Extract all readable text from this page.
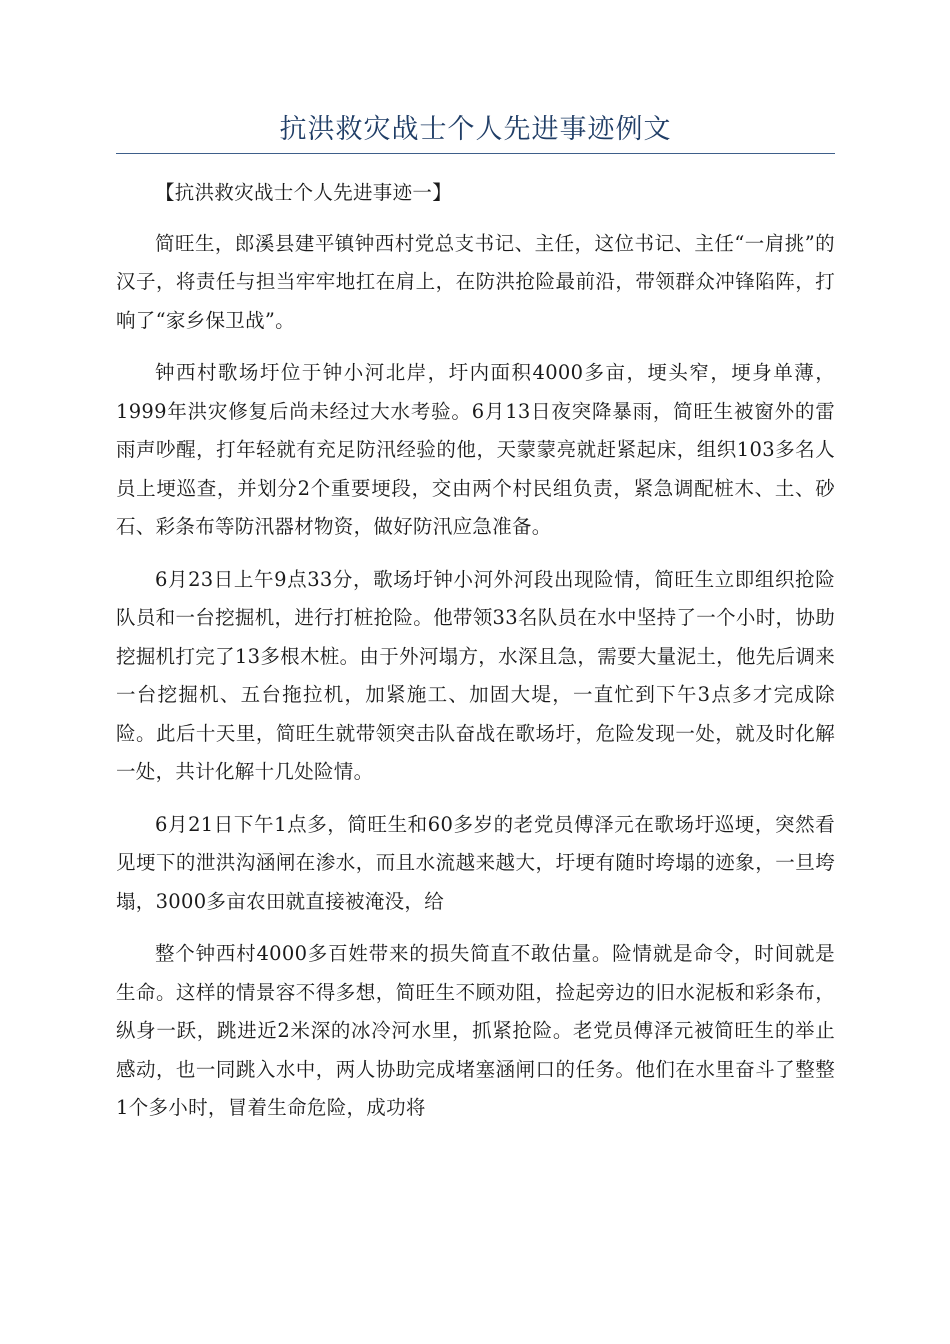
抗洪救灾战士个人先进事迹例文

【抗洪救灾战士个人先进事迹一】

简旺生，郎溪县建平镇钟西村党总支书记、主任，这位书记、主任“一肩挑”的汉子，将责任与担当牢牢地扛在肩上，在防洪抢险最前沿，带领群众冲锋陷阵，打响了“家乡保卫战”。

钟西村歌场圩位于钟小河北岸，圩内面积4000多亩，埂头窄，埂身单薄，1999年洪灾修复后尚未经过大水考验。6月13日夜突降暴雨，简旺生被窗外的雷雨声吵醒，打年轻就有充足防汛经验的他，天蒙蒙亮就赶紧起床，组织103多名人员上埂巡查，并划分2个重要埂段，交由两个村民组负责，紧急调配桩木、土、砂石、彩条布等防汛器材物资，做好防汛应急准备。

6月23日上午9点33分，歌场圩钟小河外河段出现险情，简旺生立即组织抢险队员和一台挖掘机，进行打桩抢险。他带领33名队员在水中坚持了一个小时，协助挖掘机打完了13多根木桩。由于外河塌方，水深且急，需要大量泥土，他先后调来一台挖掘机、五台拖拉机，加紧施工、加固大堤，一直忙到下午3点多才完成除险。此后十天里，简旺生就带领突击队奋战在歌场圩，危险发现一处，就及时化解一处，共计化解十几处险情。

6月21日下午1点多，简旺生和60多岁的老党员傅泽元在歌场圩巡埂，突然看见埂下的泄洪沟涵闸在渗水，而且水流越来越大，圩埂有随时垮塌的迹象，一旦垮塌，3000多亩农田就直接被淹没，给

整个钟西村4000多百姓带来的损失简直不敢估量。险情就是命令，时间就是生命。这样的情景容不得多想，简旺生不顾劝阻，捡起旁边的旧水泥板和彩条布，纵身一跃，跳进近2米深的冰冷河水里，抓紧抢险。老党员傅泽元被简旺生的举止感动，也一同跳入水中，两人协助完成堵塞涵闸口的任务。他们在水里奋斗了整整1个多小时，冒着生命危险，成功将
